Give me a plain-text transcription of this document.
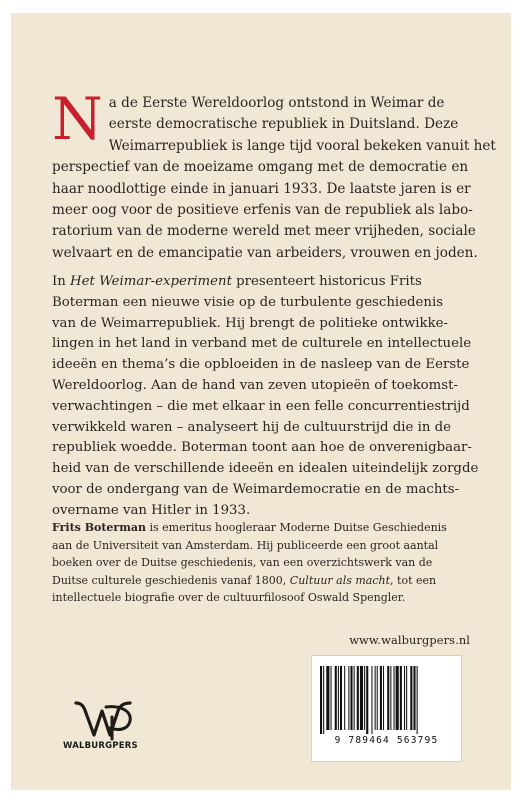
N a de Eerste Wereldoorlog ontstond in Weimar de
eerste democratische republiek in Duitsland. Deze
Weimarrepubliek is lange tijd vooral bekeken vanuit het
perspectief van de moeizame omgang met de democratie en
haar noodlottige einde in januari 1933. De laatste jaren is er
meer oog voor de positieve erfenis van de republiek als labo-
ratorium van de moderne wereld met meer vrijheden, sociale
welvaart en de emancipatie van arbeiders, vrouwen en joden.
In Het Weimar-experiment presenteert historicus Frits
Boterman een nieuwe visie op de turbulente geschiedenis
van de Weimarrepubliek. Hij brengt de politieke ontwikke-
lingen in het land in verband met de culturele en intellectuele
ideeën en thema’s die opbloeiden in de nasleep van de Eerste
Wereldoorlog. Aan de hand van zeven utopieën of toekomst-
verwachtingen – die met elkaar in een felle concurrentiestrijd
verwikkeld waren – analyseert hij de cultuurstrijd die in de
republiek woedde. Boterman toont aan hoe de onverenigbaar-
heid van de verschillende ideeën en idealen uiteindelijk zorgde
voor de ondergang van de Weimardemocratie en de machts-
overname van Hitler in 1933.
Frits Boterman is emeritus hoogleraar Moderne Duitse Geschiedenis
aan de Universiteit van Amsterdam. Hij publiceerde een groot aantal
boeken over de Duitse geschiedenis, van een overzichtswerk van de
Duitse culturele geschiedenis vanaf 1800, Cultuur als macht, tot een
intellectuele biografie over de cultuurfilosoof Oswald Spengler.
www.walburgpers.nl
9 789464 563795
WALBURGPERS
